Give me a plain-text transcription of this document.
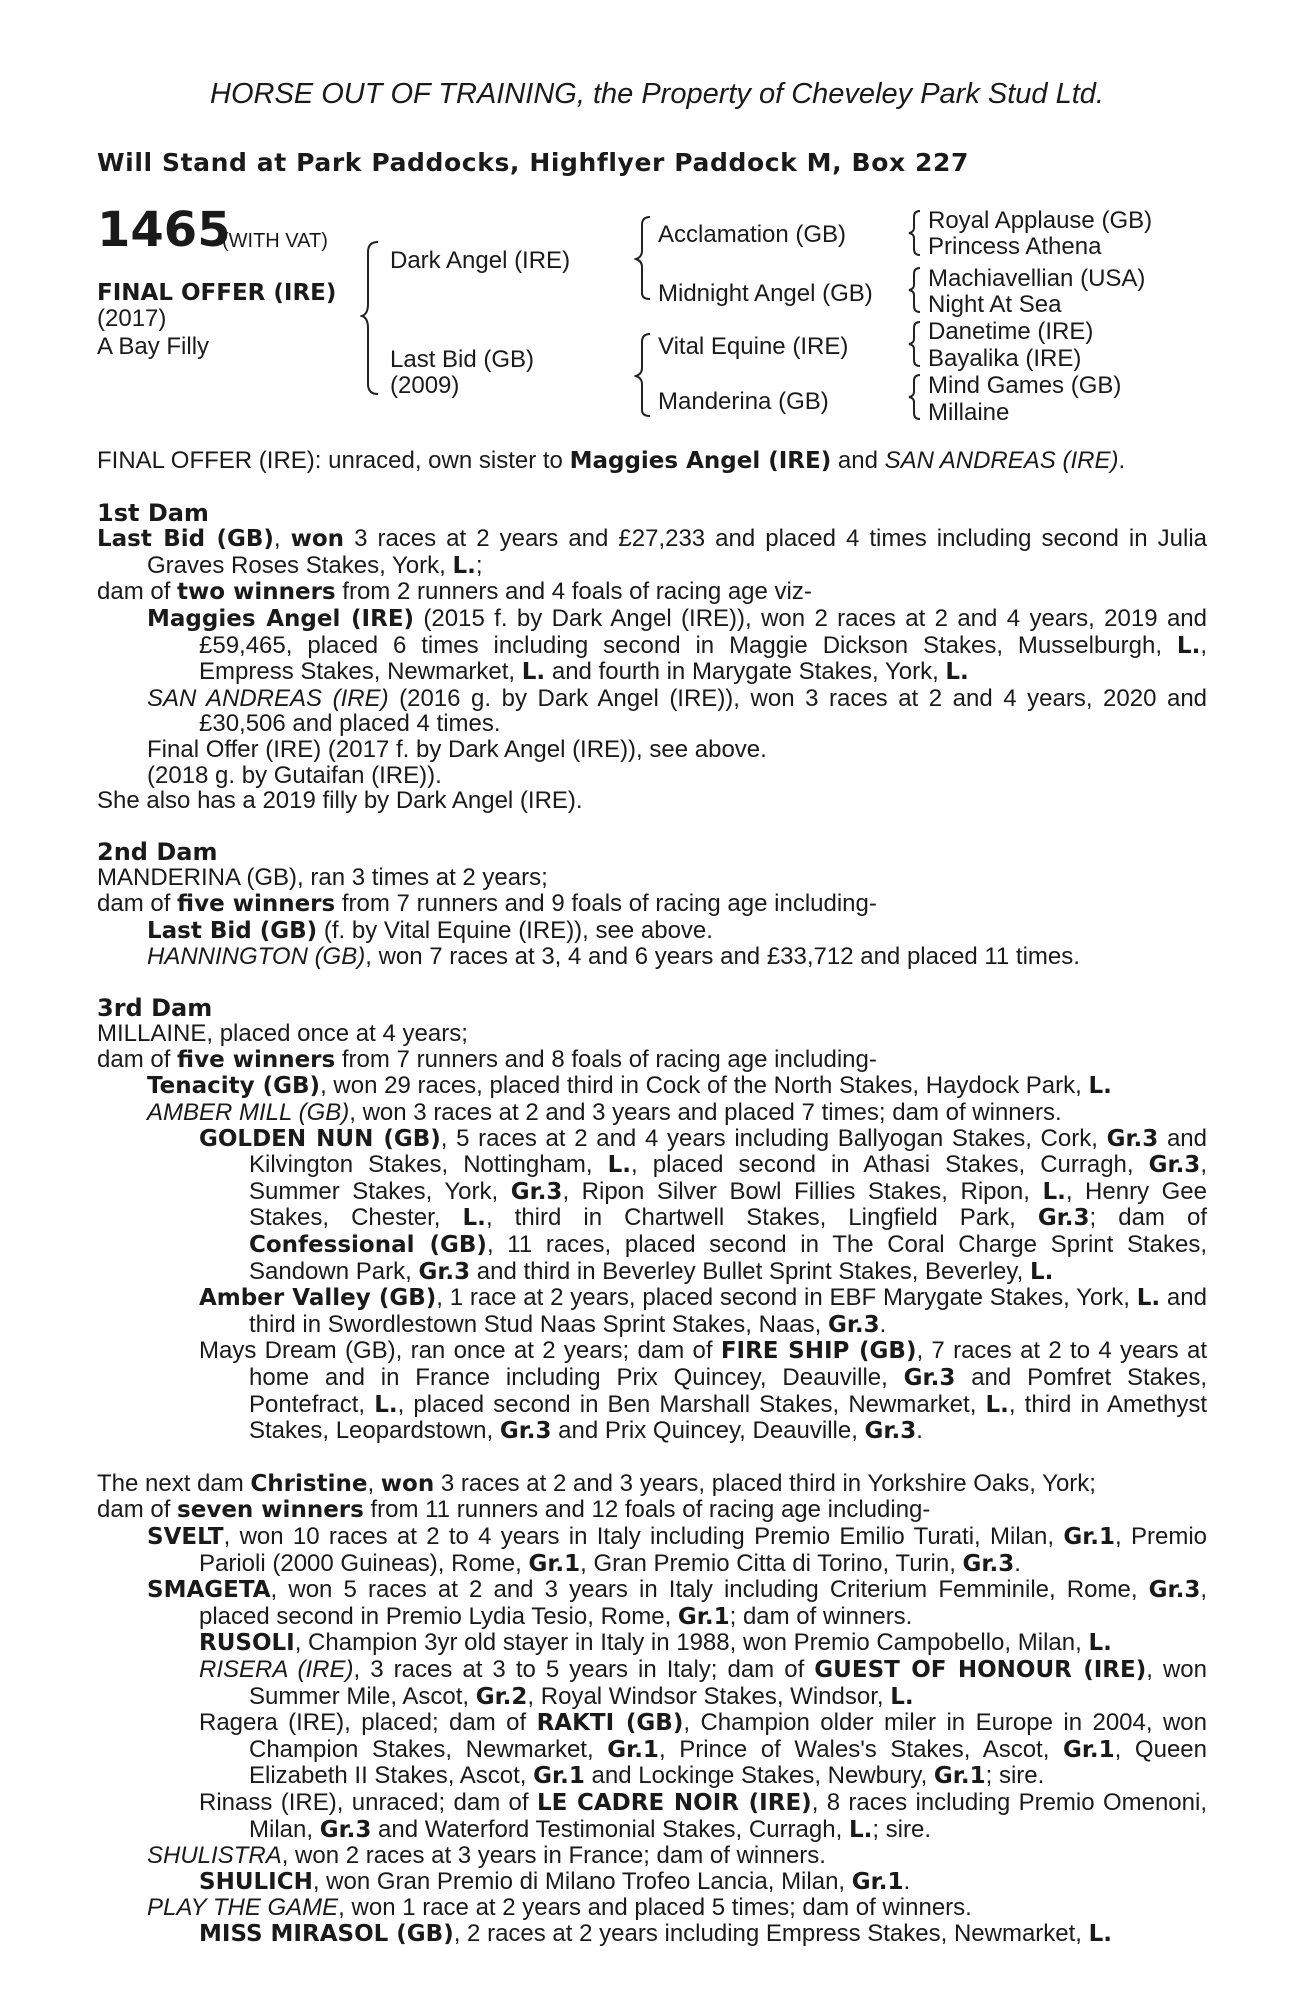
HORSE OUT OF TRAINING, the Property of Cheveley Park Stud Ltd.
Will Stand at Park Paddocks, Highflyer Paddock M, Box 227
1465
(WITH VAT)
FINAL OFFER (IRE)
(2017)
A Bay Filly
Dark Angel (IRE)
Last Bid (GB)
(2009)
Acclamation (GB)
Midnight Angel (GB)
Vital Equine (IRE)
Manderina (GB)
Royal Applause (GB)
Princess Athena
Machiavellian (USA)
Night At Sea
Danetime (IRE)
Bayalika (IRE)
Mind Games (GB)
Millaine

FINAL OFFER (IRE): unraced, own sister to Maggies Angel (IRE) and SAN ANDREAS (IRE).

1st Dam

Last Bid (GB), won 3 races at 2 years and £27,233 and placed 4 times including second in Julia Graves Roses Stakes, York, L.;

dam of two winners from 2 runners and 4 foals of racing age viz-

Maggies Angel (IRE) (2015 f. by Dark Angel (IRE)), won 2 races at 2 and 4 years, 2019 and £59,465, placed 6 times including second in Maggie Dickson Stakes, Musselburgh, L., Empress Stakes, Newmarket, L. and fourth in Marygate Stakes, York, L.

SAN ANDREAS (IRE) (2016 g. by Dark Angel (IRE)), won 3 races at 2 and 4 years, 2020 and £30,506 and placed 4 times.

Final Offer (IRE) (2017 f. by Dark Angel (IRE)), see above.

(2018 g. by Gutaifan (IRE)).

She also has a 2019 filly by Dark Angel (IRE).

2nd Dam

MANDERINA (GB), ran 3 times at 2 years;

dam of five winners from 7 runners and 9 foals of racing age including-

Last Bid (GB) (f. by Vital Equine (IRE)), see above.

HANNINGTON (GB), won 7 races at 3, 4 and 6 years and £33,712 and placed 11 times.

3rd Dam

MILLAINE, placed once at 4 years;

dam of five winners from 7 runners and 8 foals of racing age including-

Tenacity (GB), won 29 races, placed third in Cock of the North Stakes, Haydock Park, L.

AMBER MILL (GB), won 3 races at 2 and 3 years and placed 7 times; dam of winners.

GOLDEN NUN (GB), 5 races at 2 and 4 years including Ballyogan Stakes, Cork, Gr.3 and Kilvington Stakes, Nottingham, L., placed second in Athasi Stakes, Curragh, Gr.3, Summer Stakes, York, Gr.3, Ripon Silver Bowl Fillies Stakes, Ripon, L., Henry Gee Stakes, Chester, L., third in Chartwell Stakes, Lingfield Park, Gr.3; dam of Confessional (GB), 11 races, placed second in The Coral Charge Sprint Stakes, Sandown Park, Gr.3 and third in Beverley Bullet Sprint Stakes, Beverley, L.

Amber Valley (GB), 1 race at 2 years, placed second in EBF Marygate Stakes, York, L. and third in Swordlestown Stud Naas Sprint Stakes, Naas, Gr.3.

Mays Dream (GB), ran once at 2 years; dam of FIRE SHIP (GB), 7 races at 2 to 4 years at home and in France including Prix Quincey, Deauville, Gr.3 and Pomfret Stakes, Pontefract, L., placed second in Ben Marshall Stakes, Newmarket, L., third in Amethyst Stakes, Leopardstown, Gr.3 and Prix Quincey, Deauville, Gr.3.

The next dam Christine, won 3 races at 2 and 3 years, placed third in Yorkshire Oaks, York;

dam of seven winners from 11 runners and 12 foals of racing age including-

SVELT, won 10 races at 2 to 4 years in Italy including Premio Emilio Turati, Milan, Gr.1, Premio Parioli (2000 Guineas), Rome, Gr.1, Gran Premio Citta di Torino, Turin, Gr.3.

SMAGETA, won 5 races at 2 and 3 years in Italy including Criterium Femminile, Rome, Gr.3, placed second in Premio Lydia Tesio, Rome, Gr.1; dam of winners.

RUSOLI, Champion 3yr old stayer in Italy in 1988, won Premio Campobello, Milan, L.

RISERA (IRE), 3 races at 3 to 5 years in Italy; dam of GUEST OF HONOUR (IRE), won Summer Mile, Ascot, Gr.2, Royal Windsor Stakes, Windsor, L.

Ragera (IRE), placed; dam of RAKTI (GB), Champion older miler in Europe in 2004, won Champion Stakes, Newmarket, Gr.1, Prince of Wales's Stakes, Ascot, Gr.1, Queen Elizabeth II Stakes, Ascot, Gr.1 and Lockinge Stakes, Newbury, Gr.1; sire.

Rinass (IRE), unraced; dam of LE CADRE NOIR (IRE), 8 races including Premio Omenoni, Milan, Gr.3 and Waterford Testimonial Stakes, Curragh, L.; sire.

SHULISTRA, won 2 races at 3 years in France; dam of winners.

SHULICH, won Gran Premio di Milano Trofeo Lancia, Milan, Gr.1.

PLAY THE GAME, won 1 race at 2 years and placed 5 times; dam of winners.

MISS MIRASOL (GB), 2 races at 2 years including Empress Stakes, Newmarket, L.
